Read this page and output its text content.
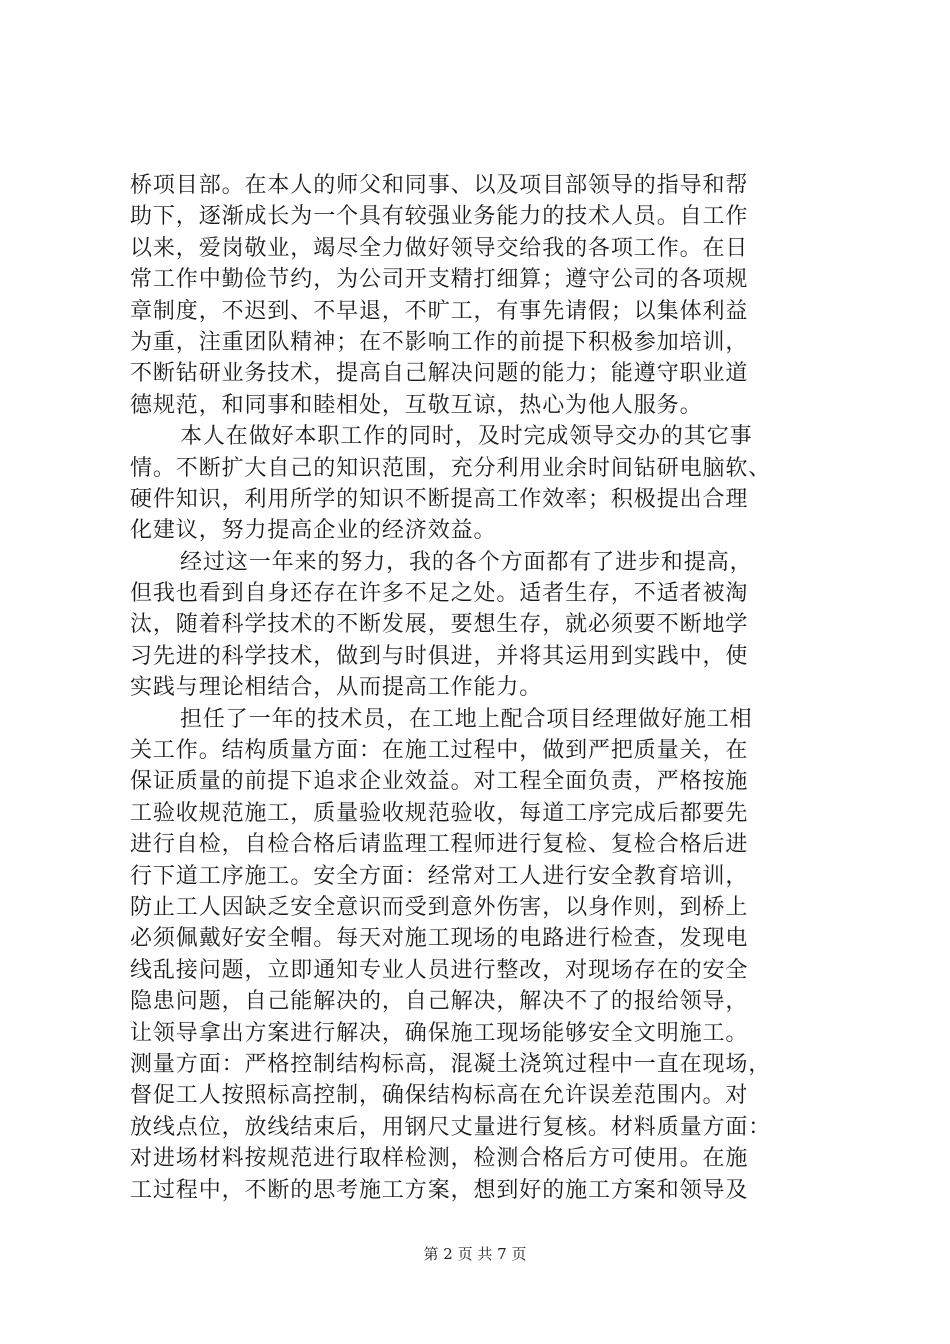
桥项目部。在本人的师父和同事、以及项目部领导的指导和帮
助下，逐渐成长为一个具有较强业务能力的技术人员。自工作
以来，爱岗敬业，竭尽全力做好领导交给我的各项工作。在日
常工作中勤俭节约，为公司开支精打细算；遵守公司的各项规
章制度，不迟到、不早退，不旷工，有事先请假；以集体利益
为重，注重团队精神；在不影响工作的前提下积极参加培训，
不断钻研业务技术，提高自己解决问题的能力；能遵守职业道
德规范，和同事和睦相处，互敬互谅，热心为他人服务。
本人在做好本职工作的同时，及时完成领导交办的其它事
情。不断扩大自己的知识范围，充分利用业余时间钻研电脑软、
硬件知识，利用所学的知识不断提高工作效率；积极提出合理
化建议，努力提高企业的经济效益。
经过这一年来的努力，我的各个方面都有了进步和提高，
但我也看到自身还存在许多不足之处。适者生存，不适者被淘
汰，随着科学技术的不断发展，要想生存，就必须要不断地学
习先进的科学技术，做到与时俱进，并将其运用到实践中，使
实践与理论相结合，从而提高工作能力。
担任了一年的技术员，在工地上配合项目经理做好施工相
关工作。结构质量方面：在施工过程中，做到严把质量关，在
保证质量的前提下追求企业效益。对工程全面负责，严格按施
工验收规范施工，质量验收规范验收，每道工序完成后都要先
进行自检，自检合格后请监理工程师进行复检、复检合格后进
行下道工序施工。安全方面：经常对工人进行安全教育培训，
防止工人因缺乏安全意识而受到意外伤害，以身作则，到桥上
必须佩戴好安全帽。每天对施工现场的电路进行检查，发现电
线乱接问题，立即通知专业人员进行整改，对现场存在的安全
隐患问题，自己能解决的，自己解决，解决不了的报给领导，
让领导拿出方案进行解决，确保施工现场能够安全文明施工。
测量方面：严格控制结构标高，混凝土浇筑过程中一直在现场，
督促工人按照标高控制，确保结构标高在允许误差范围内。对
放线点位，放线结束后，用钢尺丈量进行复核。材料质量方面：
对进场材料按规范进行取样检测，检测合格后方可使用。在施
工过程中，不断的思考施工方案，想到好的施工方案和领导及
第 2 页 共 7 页
